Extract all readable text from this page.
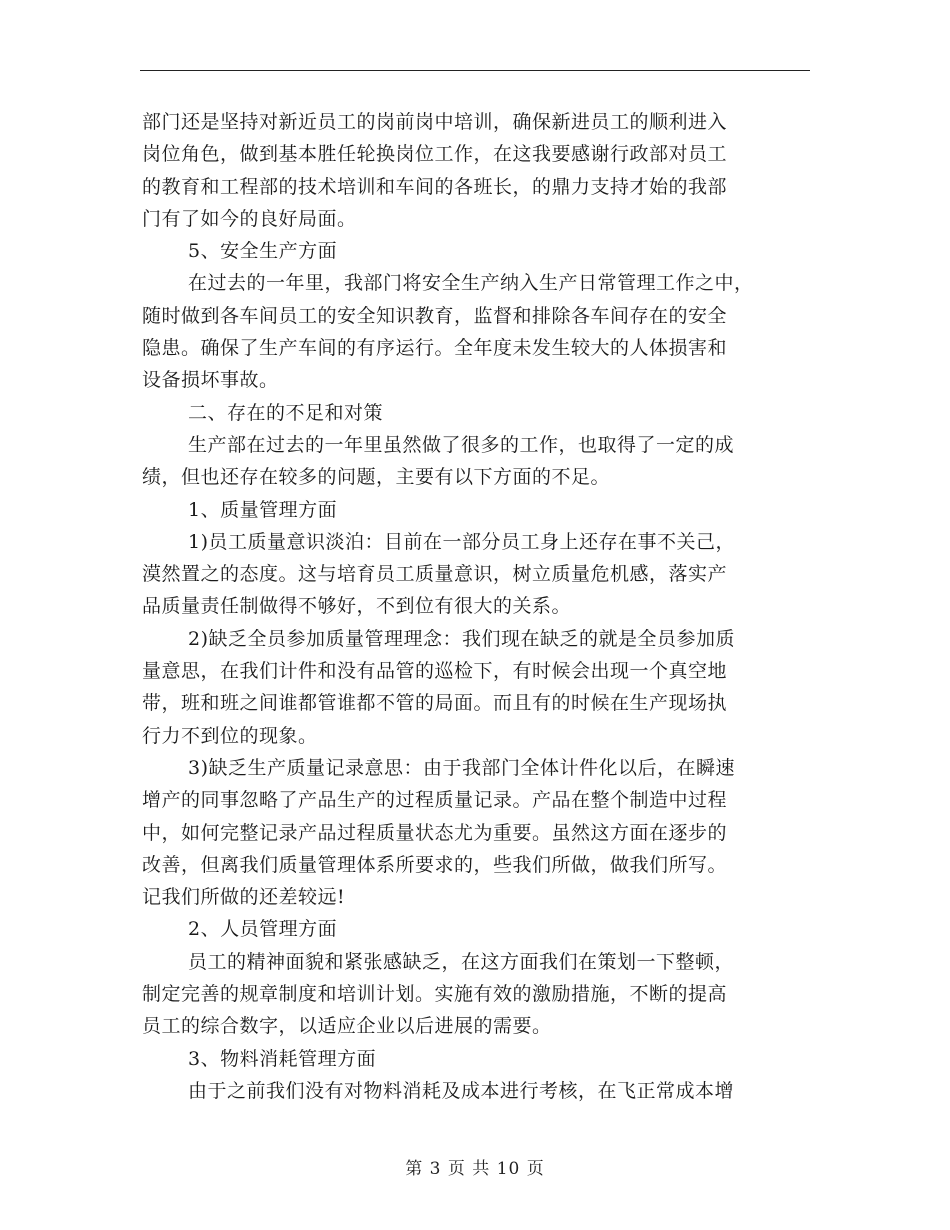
部门还是坚持对新近员工的岗前岗中培训，确保新进员工的顺利进入
岗位角色，做到基本胜任轮换岗位工作，在这我要感谢行政部对员工
的教育和工程部的技术培训和车间的各班长，的鼎力支持才始的我部
门有了如今的良好局面。
5、安全生产方面
在过去的一年里，我部门将安全生产纳入生产日常管理工作之中，
随时做到各车间员工的安全知识教育，监督和排除各车间存在的安全
隐患。确保了生产车间的有序运行。全年度未发生较大的人体损害和
设备损坏事故。
二、存在的不足和对策
生产部在过去的一年里虽然做了很多的工作，也取得了一定的成
绩，但也还存在较多的问题，主要有以下方面的不足。
1、质量管理方面
1)员工质量意识淡泊：目前在一部分员工身上还存在事不关己，
漠然置之的态度。这与培育员工质量意识，树立质量危机感，落实产
品质量责任制做得不够好，不到位有很大的关系。
2)缺乏全员参加质量管理理念：我们现在缺乏的就是全员参加质
量意思，在我们计件和没有品管的巡检下，有时候会出现一个真空地
带，班和班之间谁都管谁都不管的局面。而且有的时候在生产现场执
行力不到位的现象。
3)缺乏生产质量记录意思：由于我部门全体计件化以后，在瞬速
增产的同事忽略了产品生产的过程质量记录。产品在整个制造中过程
中，如何完整记录产品过程质量状态尤为重要。虽然这方面在逐步的
改善，但离我们质量管理体系所要求的，些我们所做，做我们所写。
记我们所做的还差较远!
2、人员管理方面
员工的精神面貌和紧张感缺乏，在这方面我们在策划一下整顿，
制定完善的规章制度和培训计划。实施有效的激励措施，不断的提高
员工的综合数字，以适应企业以后进展的需要。
3、物料消耗管理方面
由于之前我们没有对物料消耗及成本进行考核，在飞正常成本增
第 3 页 共 10 页
